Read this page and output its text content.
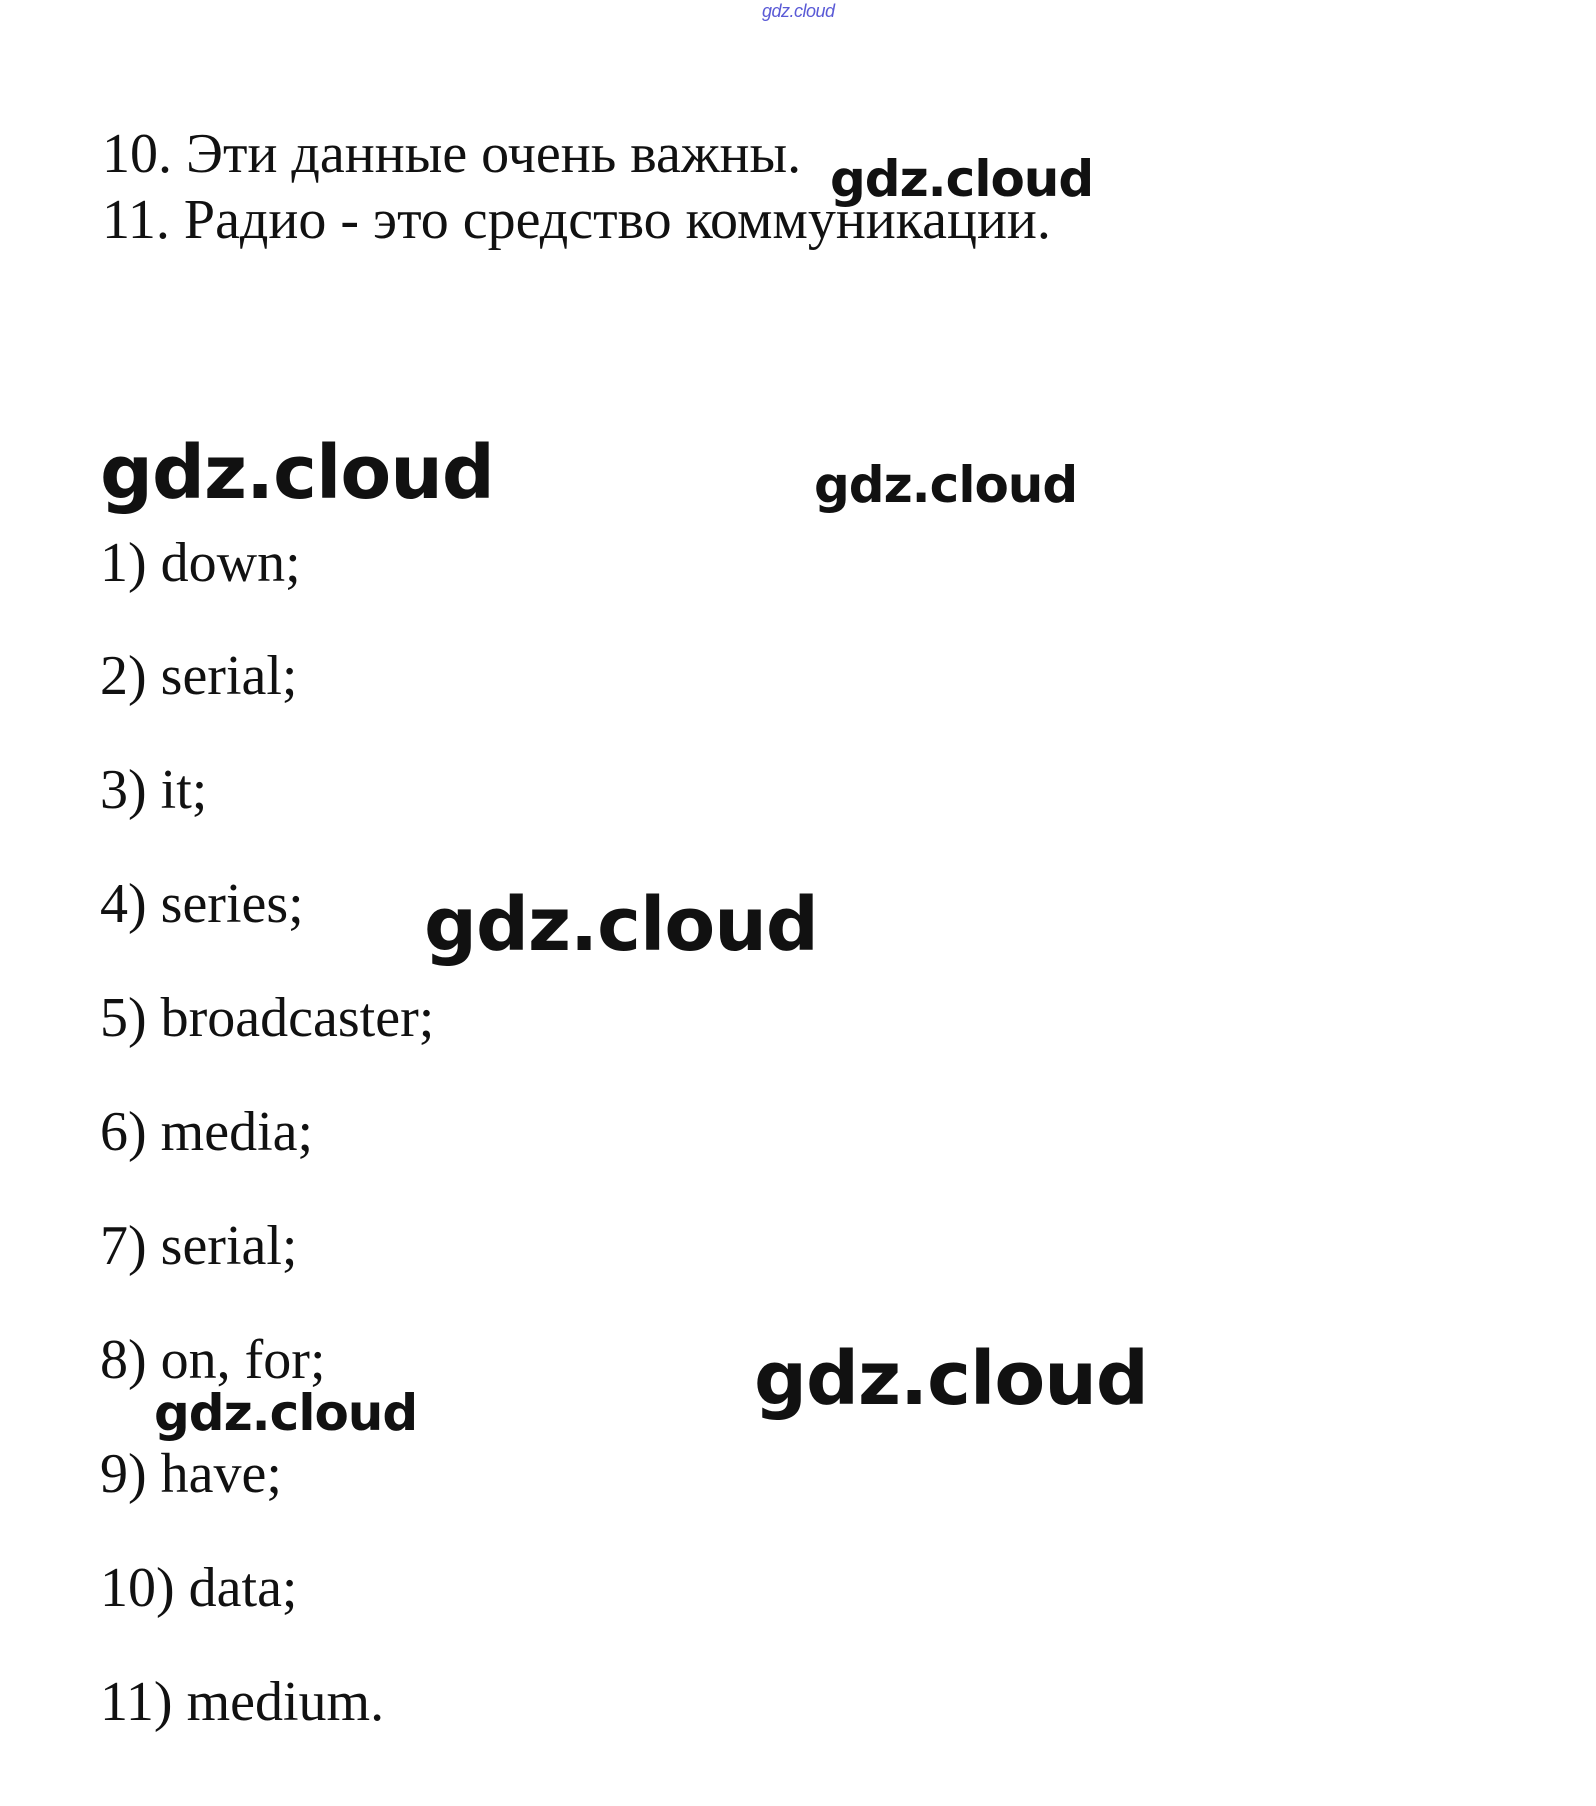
gdz.cloud
10. Эти данные очень важны.
11. Радио - это средство коммуникации.
1) down;
2) serial;
3) it;
4) series;
5) broadcaster;
6) media;
7) serial;
8) on, for;
9) have;
10) data;
11) medium.
gdz.cloud
gdz.cloud	gdz.cloud
gdz.cloud
gdz.cloud	gdz.cloud
